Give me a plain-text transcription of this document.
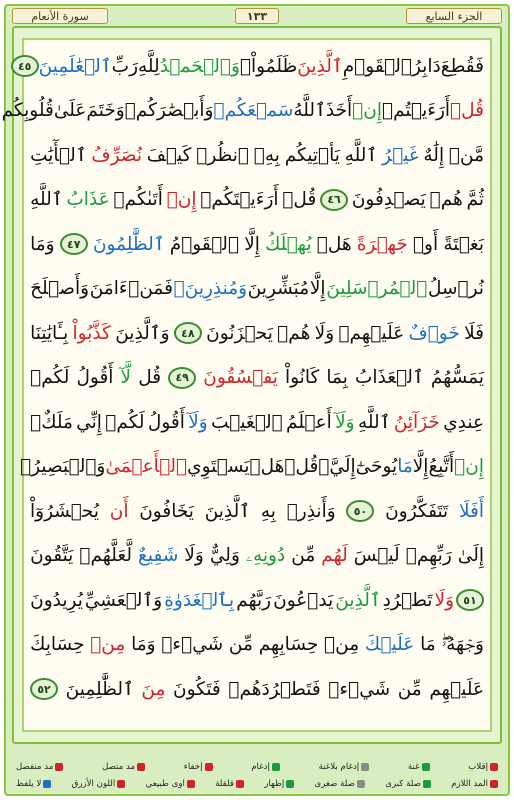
سورة الأنعام	١٣٣	الجزء السابع
فَقُطِعَ
دَابِرُ
ٱلۡقَوۡمِ
ٱلَّذِينَ
ظَلَمُواْۚ
وَٱلۡحَمۡدُ
لِلَّهِ
رَبِّ
ٱلۡعَٰلَمِينَ
٤٥
قُلۡ
أَرَءَيۡتُمۡ
إِنۡ
أَخَذَ
ٱللَّهُ
سَمۡعَكُمۡ
وَأَبۡصَٰرَكُمۡ
وَخَتَمَ
عَلَىٰ
قُلُوبِكُم
مَّنۡ
إِلَٰهٌ
غَيۡرُ
ٱللَّهِ
يَأۡتِيكُم
بِهِۗ
ٱنظُرۡ
كَيۡفَ
نُصَرِّفُ
ٱلۡأٓيَٰتِ
ثُمَّ
هُمۡ
يَصۡدِفُونَ
٤٦
قُلۡ
أَرَءَيۡتَكُمۡ
إِنۡ
أَتَىٰكُمۡ
عَذَابُ
ٱللَّهِ
بَغۡتَةً
أَوۡ
جَهۡرَةً
هَلۡ
يُهۡلَكُ
إِلَّا
ٱلۡقَوۡمُ
ٱلظَّٰلِمُونَ
٤٧
وَمَا
نُرۡسِلُ
ٱلۡمُرۡسَلِينَ
إِلَّا
مُبَشِّرِينَ
وَمُنذِرِينَۖ
فَمَنۡ
ءَامَنَ
وَأَصۡلَحَ
فَلَا
خَوۡفٌ
عَلَيۡهِمۡ
وَلَا
هُمۡ
يَحۡزَنُونَ
٤٨
وَٱلَّذِينَ
كَذَّبُواْ
بِـَٔايَٰتِنَا
يَمَسُّهُمُ
ٱلۡعَذَابُ
بِمَا
كَانُواْ
يَفۡسُقُونَ
٤٩
قُل
لَّآ
أَقُولُ
لَكُمۡ
عِندِي
خَزَآئِنُ
ٱللَّهِ
وَلَآ
أَعۡلَمُ
ٱلۡغَيۡبَ
وَلَآ
أَقُولُ
لَكُمۡ
إِنِّي
مَلَكٌۖ
إِنۡ
أَتَّبِعُ
إِلَّا
مَا
يُوحَىٰٓ
إِلَيَّۚ
قُلۡ
هَلۡ
يَسۡتَوِي
ٱلۡأَعۡمَىٰ
وَٱلۡبَصِيرُۚ
أَفَلَا
تَتَفَكَّرُونَ
٥٠
وَأَنذِرۡ
بِهِ
ٱلَّذِينَ
يَخَافُونَ
أَن
يُحۡشَرُوٓاْ
إِلَىٰ
رَبِّهِمۡ
لَيۡسَ
لَهُم
مِّن
دُونِهِۦ
وَلِيٌّ
وَلَا
شَفِيعٌ
لَّعَلَّهُمۡ
يَتَّقُونَ
٥١
وَلَا
تَطۡرُدِ
ٱلَّذِينَ
يَدۡعُونَ
رَبَّهُم
بِٱلۡغَدَوٰةِ
وَٱلۡعَشِيِّ
يُرِيدُونَ
وَجۡهَهُۥۖ
مَا
عَلَيۡكَ
مِنۡ
حِسَابِهِم
مِّن
شَيۡءٖ
وَمَا
مِنۡ
حِسَابِكَ
عَلَيۡهِم
مِّن
شَيۡءٖ
فَتَطۡرُدَهُمۡ
فَتَكُونَ
مِنَ
ٱلظَّٰلِمِينَ
٥٢
إقلاب
غنة
إدغام بلاغنة
إدغام
إخفاء
مد متصل
مد منفصل
المد اللازم
صلة كبرى
صلة صغرى
إظهار
قلقلة
اوى طبيعي
اللون الأزرق
لا يلفظ
